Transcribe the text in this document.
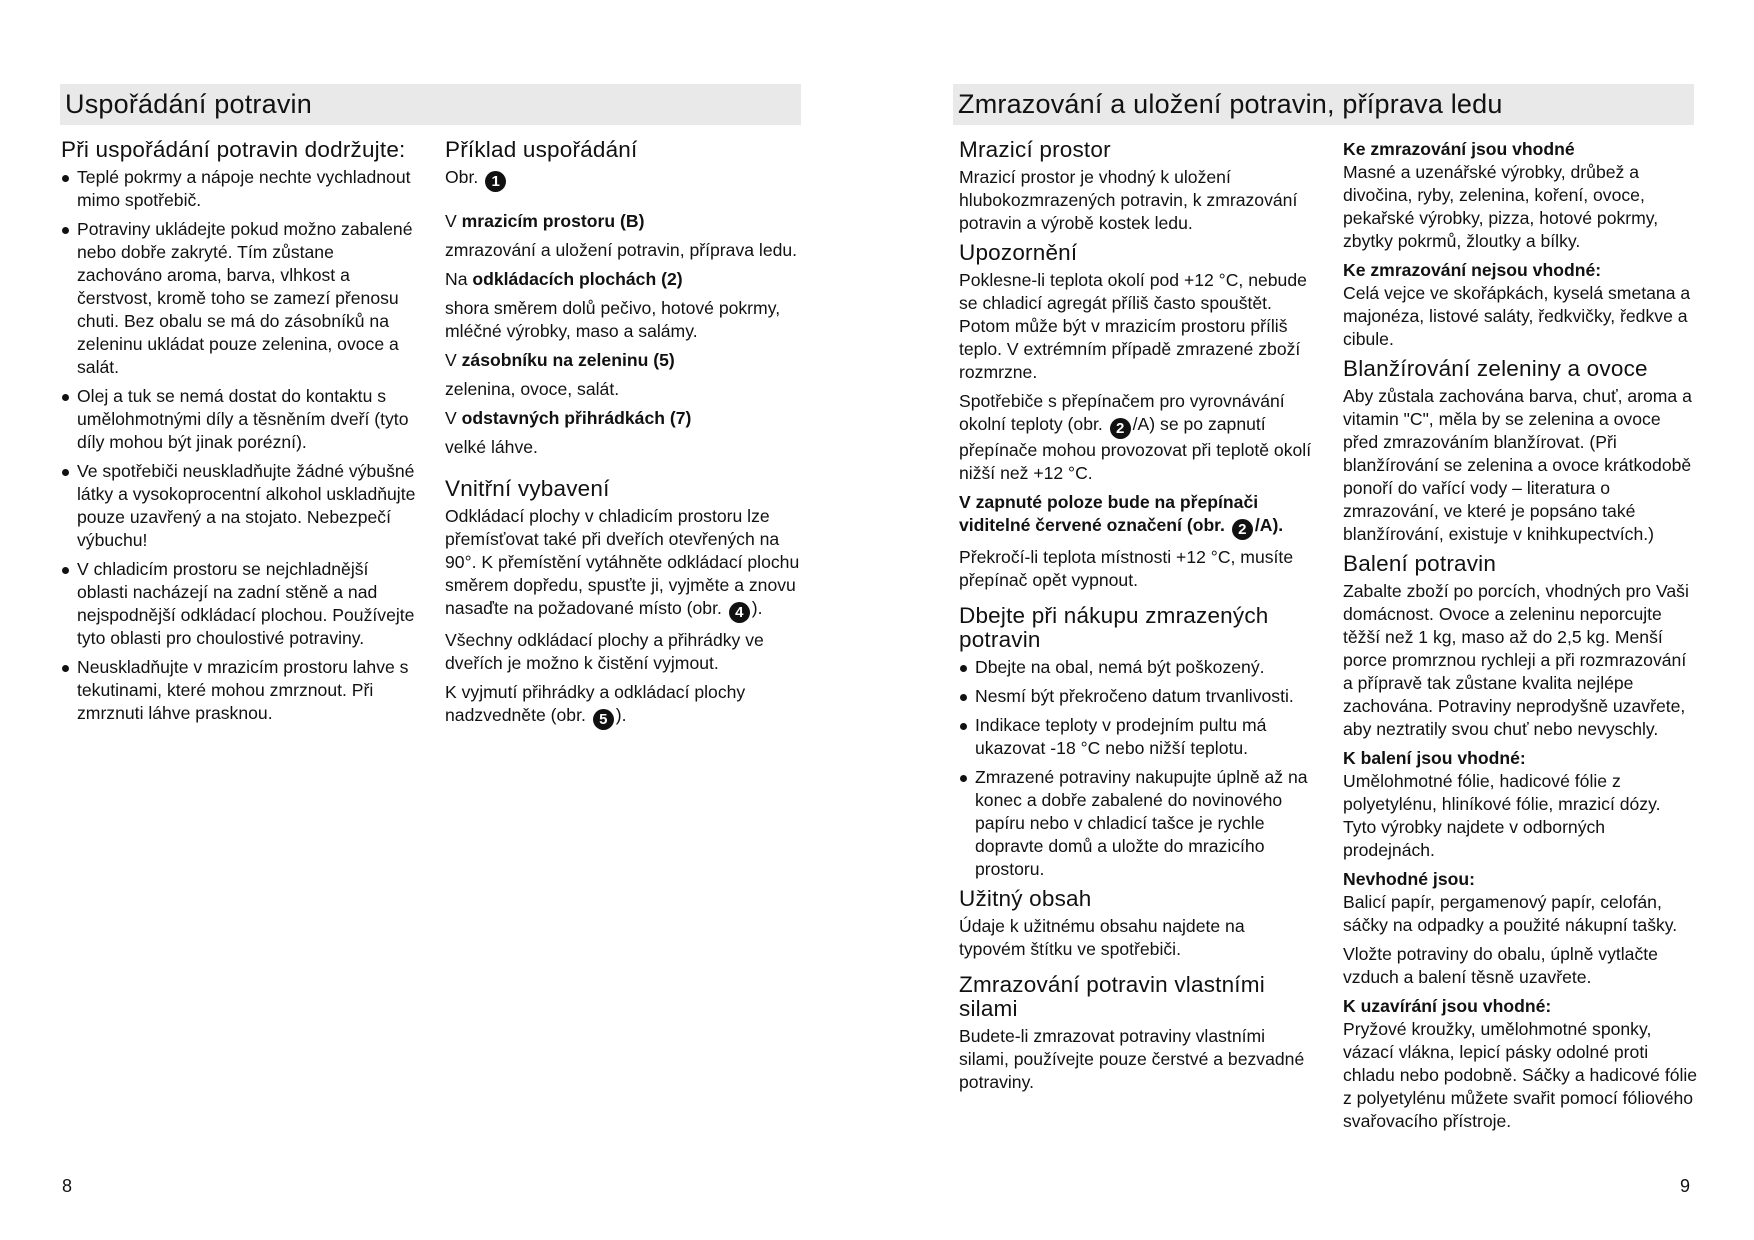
Uspořádání potravin
Při uspořádání potravin dodržujte:
Teplé pokrmy a nápoje nechte vychladnout mimo spotřebič.
Potraviny ukládejte pokud možno zabalené nebo dobře zakryté. Tím zůstane zachováno aroma, barva, vlhkost a čerstvost, kromě toho se zamezí přenosu chuti. Bez obalu se má do zásobníků na zeleninu ukládat pouze zelenina, ovoce a salát.
Olej a tuk se nemá dostat do kontaktu s umělohmotnými díly a těsněním dveří (tyto díly mohou být jinak porézní).
Ve spotřebiči neuskladňujte žádné výbušné látky a vysokoprocentní alkohol uskladňujte pouze uzavřený a na stojato. Nebezpečí výbuchu!
V chladicím prostoru se nejchladnější oblasti nacházejí na zadní stěně a nad nejspodnější odkládací plochou. Používejte tyto oblasti pro choulostivé potraviny.
Neuskladňujte v mrazicím prostoru lahve s tekutinami, které mohou zmrznout. Při zmrznuti láhve prasknou.
Příklad uspořádání

Obr. 1

V mrazicím prostoru (B)

zmrazování a uložení potravin, příprava ledu.

Na odkládacích plochách (2)

shora směrem dolů pečivo, hotové pokrmy, mléčné výrobky, maso a salámy.

V zásobníku na zeleninu (5)

zelenina, ovoce, salát.

V odstavných přihrádkách (7)

velké láhve.

Vnitřní vybavení

Odkládací plochy v chladicím prostoru lze přemísťovat také při dveřích otevřených na 90°. K přemístění vytáhněte odkládací plochu směrem dopředu, spusťte ji, vyjměte a znovu nasaďte na požadované místo (obr. 4 ).

Všechny odkládací plochy a přihrádky ve dveřích je možno k čistění vyjmout.

K vyjmutí přihrádky a odkládací plochy nadzvedněte (obr. 5 ).

8
Zmrazování a uložení potravin, příprava ledu
Mrazicí prostor

Mrazicí prostor je vhodný k uložení hlubokozmrazených potravin, k zmrazování potravin a výrobě kostek ledu.

Upozornění

Poklesne-li teplota okolí pod +12 °C, nebude se chladicí agregát příliš často spouštět. Potom může být v mrazicím prostoru příliš teplo. V extrémním případě zmrazené zboží rozmrzne.

Spotřebiče s přepínačem pro vyrovnávání okolní teploty (obr. 2 /A) se po zapnutí přepínače mohou provozovat při teplotě okolí nižší než +12 °C.

V zapnuté poloze bude na přepínači viditelné červené označení (obr. 2 /A).

Překročí-li teplota místnosti +12 °C, musíte přepínač opět vypnout.

Dbejte při nákupu zmrazených potravin
Dbejte na obal, nemá být poškozený.
Nesmí být překročeno datum trvanlivosti.
Indikace teploty v prodejním pultu má ukazovat -18 °C nebo nižší teplotu.
Zmrazené potraviny nakupujte úplně až na konec a dobře zabalené do novinového papíru nebo v chladicí tašce je rychle dopravte domů a uložte do mrazicího prostoru.
Užitný obsah

Údaje k užitnému obsahu najdete na typovém štítku ve spotřebiči.

Zmrazování potravin vlastními silami

Budete-li zmrazovat potraviny vlastními silami, používejte pouze čerstvé a bezvadné potraviny.

Ke zmrazování jsou vhodné

Masné a uzenářské výrobky, drůbež a divočina, ryby, zelenina, koření, ovoce, pekařské výrobky, pizza, hotové pokrmy, zbytky pokrmů, žloutky a bílky.

Ke zmrazování nejsou vhodné:

Celá vejce ve skořápkách, kyselá smetana a majonéza, listové saláty, ředkvičky, ředkve a cibule.

Blanžírování zeleniny a ovoce

Aby zůstala zachována barva, chuť, aroma a vitamin "C", měla by se zelenina a ovoce před zmrazováním blanžírovat. (Při blanžírování se zelenina a ovoce krátkodobě ponoří do vařící vody – literatura o zmrazování, ve které je popsáno také blanžírování, existuje v knihkupectvích.)

Balení potravin

Zabalte zboží po porcích, vhodných pro Vaši domácnost. Ovoce a zeleninu neporcujte těžší než 1 kg, maso až do 2,5 kg. Menší porce promrznou rychleji a při rozmrazování a přípravě tak zůstane kvalita nejlépe zachována. Potraviny neprodyšně uzavřete, aby neztratily svou chuť nebo nevyschly.

K balení jsou vhodné:

Umělohmotné fólie, hadicové fólie z polyetylénu, hliníkové fólie, mrazicí dózy. Tyto výrobky najdete v odborných prodejnách.

Nevhodné jsou:

Balicí papír, pergamenový papír, celofán, sáčky na odpadky a použité nákupní tašky.

Vložte potraviny do obalu, úplně vytlačte vzduch a balení těsně uzavřete.

K uzavírání jsou vhodné:

Pryžové kroužky, umělohmotné sponky, vázací vlákna, lepicí pásky odolné proti chladu nebo podobně. Sáčky a hadicové fólie z polyetylénu můžete svařit pomocí fóliového svařovacího přístroje.

9
